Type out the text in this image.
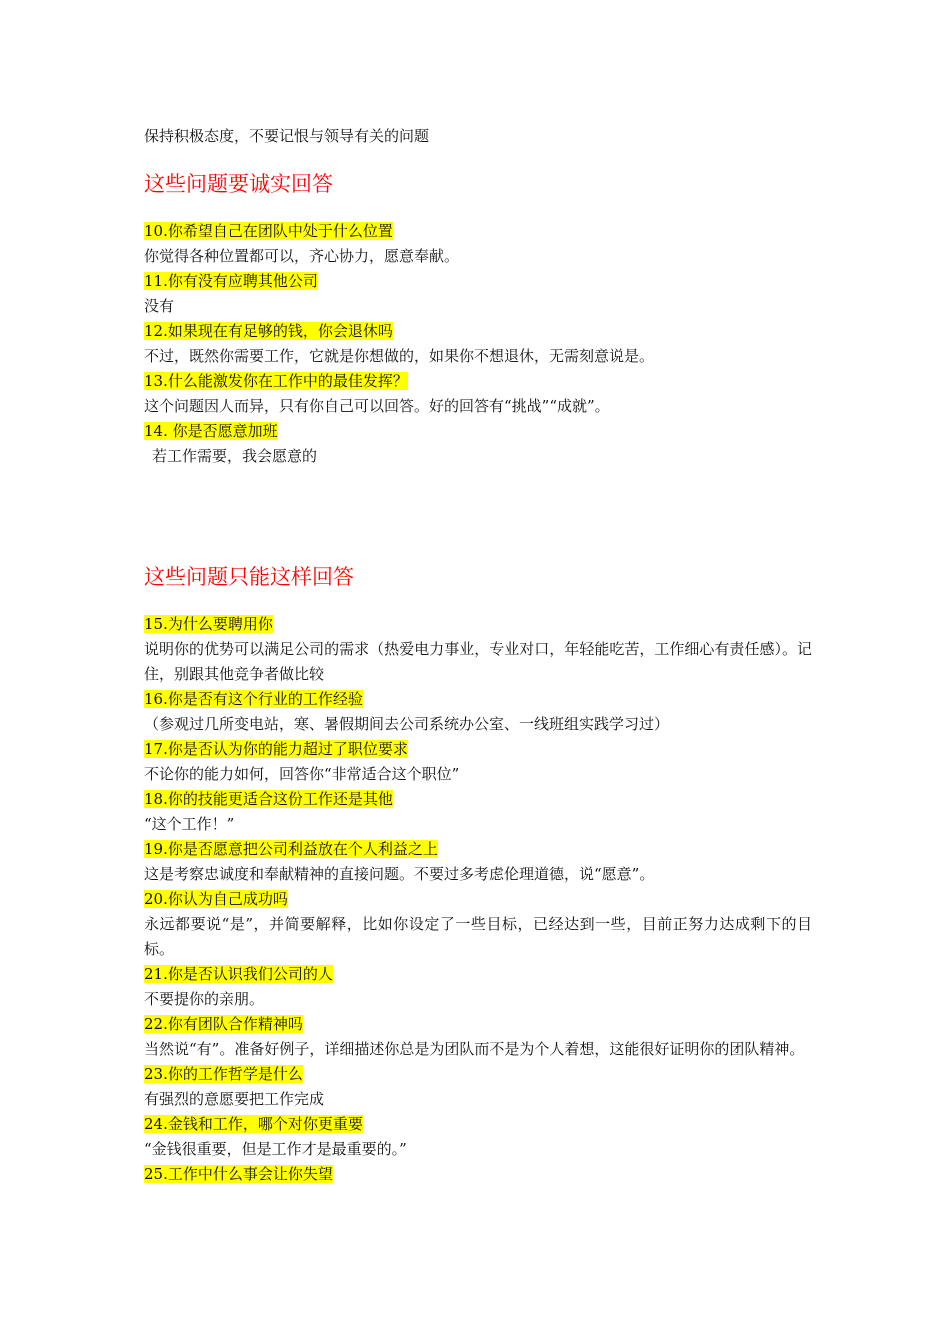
保持积极态度，不要记恨与领导有关的问题

这些问题要诚实回答

10.你希望自己在团队中处于什么位置

你觉得各种位置都可以，齐心协力，愿意奉献。

11.你有没有应聘其他公司

没有

12.如果现在有足够的钱，你会退休吗

不过，既然你需要工作，它就是你想做的，如果你不想退休，无需刻意说是。

13.什么能激发你在工作中的最佳发挥？

这个问题因人而异，只有你自己可以回答。好的回答有“挑战”“成就”。

14. 你是否愿意加班

若工作需要，我会愿意的

这些问题只能这样回答

15.为什么要聘用你

说明你的优势可以满足公司的需求（热爱电力事业，专业对口，年轻能吃苦，工作细心有责任感）。记住，别跟其他竞争者做比较

16.你是否有这个行业的工作经验

（参观过几所变电站，寒、暑假期间去公司系统办公室、一线班组实践学习过）

17.你是否认为你的能力超过了职位要求

不论你的能力如何，回答你“非常适合这个职位”

18.你的技能更适合这份工作还是其他

“这个工作！”

19.你是否愿意把公司利益放在个人利益之上

这是考察忠诚度和奉献精神的直接问题。不要过多考虑伦理道德，说“愿意”。

20.你认为自己成功吗

永远都要说“是”，并简要解释，比如你设定了一些目标，已经达到一些，目前正努力达成剩下的目标。

21.你是否认识我们公司的人

不要提你的亲朋。

22.你有团队合作精神吗

当然说“有”。准备好例子，详细描述你总是为团队而不是为个人着想，这能很好证明你的团队精神。

23.你的工作哲学是什么

有强烈的意愿要把工作完成

24.金钱和工作，哪个对你更重要

“金钱很重要，但是工作才是最重要的。”

25.工作中什么事会让你失望
